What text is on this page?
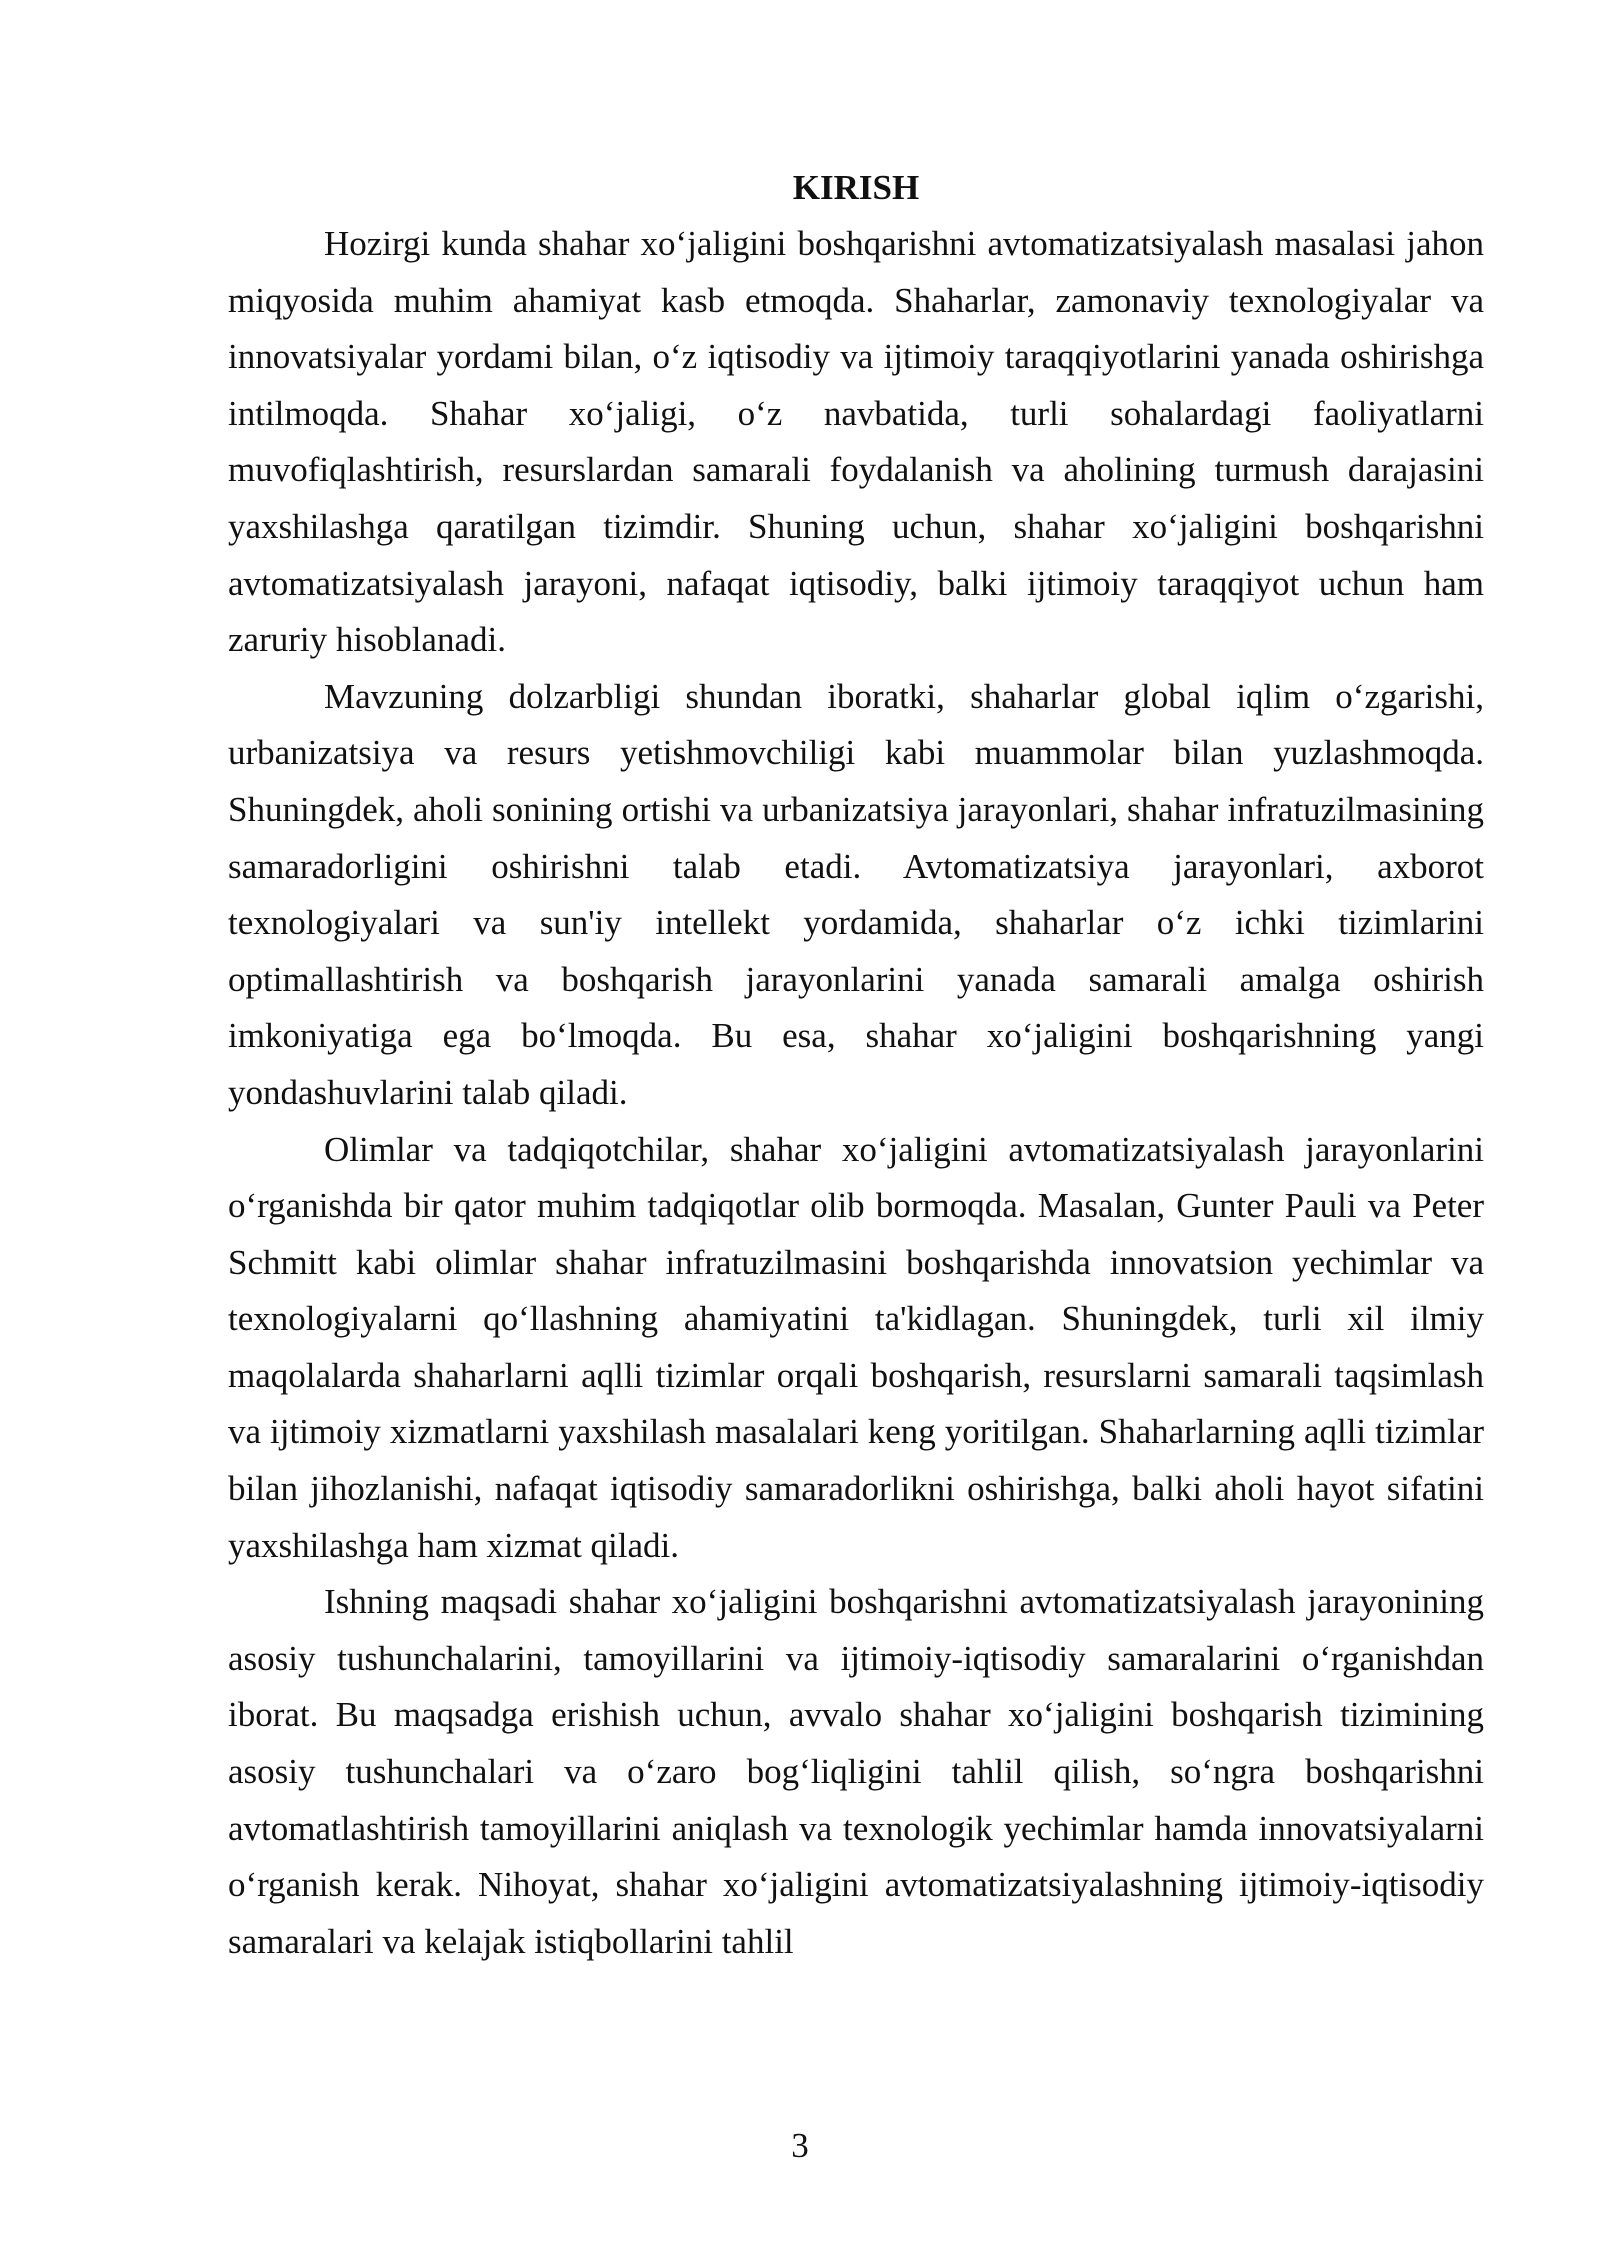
KIRISH

Hozirgi kunda shahar xo‘jaligini boshqarishni avtomatizatsiyalash masalasi jahon miqyosida muhim ahamiyat kasb etmoqda. Shaharlar, zamonaviy texnologiyalar va innovatsiyalar yordami bilan, o‘z iqtisodiy va ijtimoiy taraqqiyotlarini yanada oshirishga intilmoqda. Shahar xo‘jaligi, o‘z navbatida, turli sohalardagi faoliyatlarni muvofiqlashtirish, resurslardan samarali foydalanish va aholining turmush darajasini yaxshilashga qaratilgan tizimdir. Shuning uchun, shahar xo‘jaligini boshqarishni avtomatizatsiyalash jarayoni, nafaqat iqtisodiy, balki ijtimoiy taraqqiyot uchun ham zaruriy hisoblanadi.

Mavzuning dolzarbligi shundan iboratki, shaharlar global iqlim o‘zgarishi, urbanizatsiya va resurs yetishmovchiligi kabi muammolar bilan yuzlashmoqda. Shuningdek, aholi sonining ortishi va urbanizatsiya jarayonlari, shahar infratuzilmasining samaradorligini oshirishni talab etadi. Avtomatizatsiya jarayonlari, axborot texnologiyalari va sun'iy intellekt yordamida, shaharlar o‘z ichki tizimlarini optimallashtirish va boshqarish jarayonlarini yanada samarali amalga oshirish imkoniyatiga ega bo‘lmoqda. Bu esa, shahar xo‘jaligini boshqarishning yangi yondashuvlarini talab qiladi.

Olimlar va tadqiqotchilar, shahar xo‘jaligini avtomatizatsiyalash jarayonlarini o‘rganishda bir qator muhim tadqiqotlar olib bormoqda. Masalan, Gunter Pauli va Peter Schmitt kabi olimlar shahar infratuzilmasini boshqarishda innovatsion yechimlar va texnologiyalarni qo‘llashning ahamiyatini ta'kidlagan. Shuningdek, turli xil ilmiy maqolalarda shaharlarni aqlli tizimlar orqali boshqarish, resurslarni samarali taqsimlash va ijtimoiy xizmatlarni yaxshilash masalalari keng yoritilgan. Shaharlarning aqlli tizimlar bilan jihozlanishi, nafaqat iqtisodiy samaradorlikni oshirishga, balki aholi hayot sifatini yaxshilashga ham xizmat qiladi.

Ishning maqsadi shahar xo‘jaligini boshqarishni avtomatizatsiyalash jarayonining asosiy tushunchalarini, tamoyillarini va ijtimoiy-iqtisodiy samaralarini o‘rganishdan iborat. Bu maqsadga erishish uchun, avvalo shahar xo‘jaligini boshqarish tizimining asosiy tushunchalari va o‘zaro bog‘liqligini tahlil qilish, so‘ngra boshqarishni avtomatlashtirish tamoyillarini aniqlash va texnologik yechimlar hamda innovatsiyalarni o‘rganish kerak. Nihoyat, shahar xo‘jaligini avtomatizatsiyalashning ijtimoiy-iqtisodiy samaralari va kelajak istiqbollarini tahlil

3
